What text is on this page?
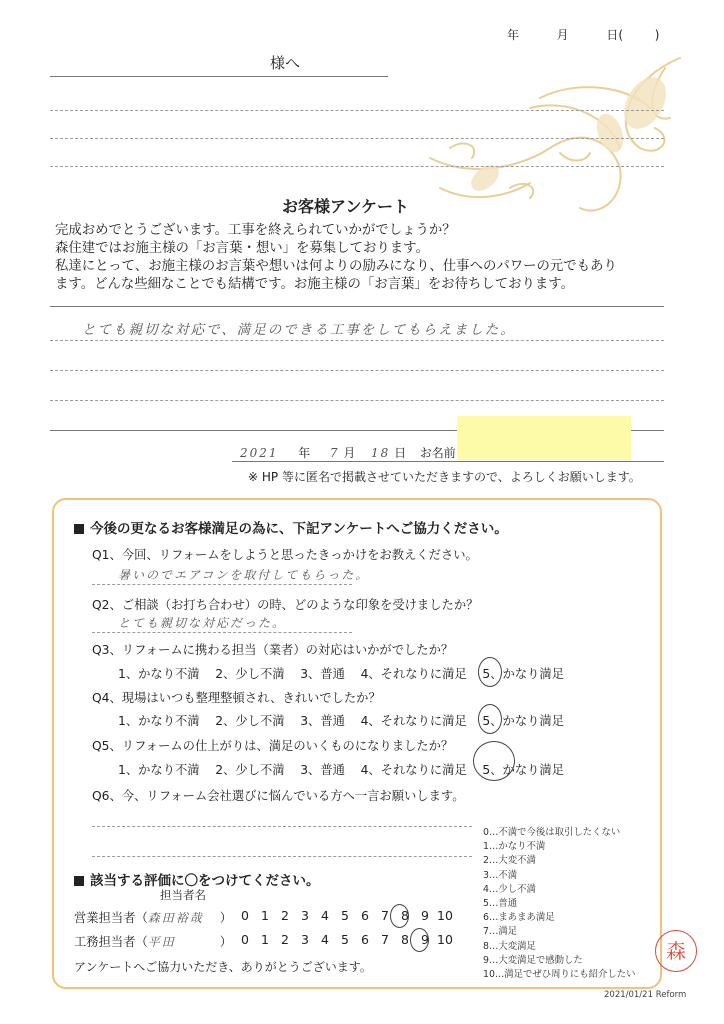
年	月	日(	)
様へ
お客様アンケート
完成おめでとうございます。工事を終えられていかがでしょうか？
森住建ではお施主様の「お言葉・想い」を募集しております。
私達にとって、お施主様のお言葉や想いは何よりの励みになり、仕事へのパワーの元でもあり
ます。どんな些細なことでも結構です。お施主様の「お言葉」をお待ちしております。
とても親切な対応で、満足のできる工事をしてもらえました。
2021 年 7 月 18 日 お名前
※ HP 等に匿名で掲載させていただきますので、よろしくお願いします。
今後の更なるお客様満足の為に、下記アンケートへご協力ください。
Q1、今回、リフォームをしようと思ったきっかけをお教えください。
暑いのでエアコンを取付してもらった。
Q2、ご相談（お打ち合わせ）の時、どのような印象を受けましたか？
とても親切な対応だった。
Q3、リフォームに携わる担当（業者）の対応はいかがでしたか？
1、かなり不満 2、少し不満 3、普通 4、それなりに満足 5、かなり満足
Q4、現場はいつも整理整頓され、きれいでしたか？
1、かなり不満 2、少し不満 3、普通 4、それなりに満足 5、かなり満足
Q5、リフォームの仕上がりは、満足のいくものになりましたか？
1、かなり不満 2、少し不満 3、普通 4、それなりに満足 5、かなり満足
Q6、今、リフォーム会社選びに悩んでいる方へ一言お願いします。
0…不満で今後は取引したくない
1…かなり不満
2…大変不満
3…不満
4…少し不満
5…普通
6…まあまあ満足
7…満足
8…大変満足
9…大変満足で感動した
10…満足でぜひ周りにも紹介したい
該当する評価に〇をつけてください。
担当者名
営業担当者（森田裕哉 ） 0 1 2 3 4 5 6 7 8 9 10
工務担当者（平田	） 0 1 2 3 4 5 6 7 8 9 10
アンケートへご協力いただき、ありがとうございます。
森
2021/01/21 Reform
